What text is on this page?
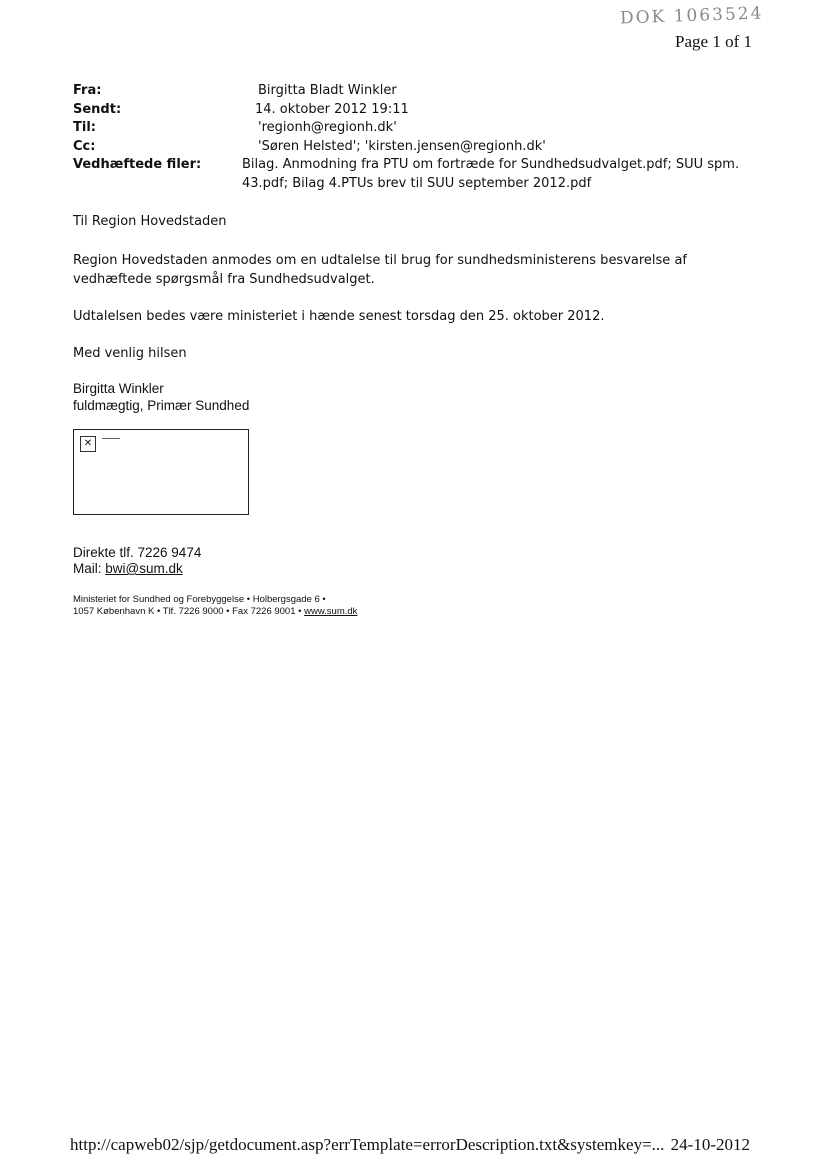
DOK 1063524
Page 1 of 1
Fra:	Birgitta Bladt Winkler
Sendt:	14. oktober 2012 19:11
Til:	'regionh@regionh.dk'
Cc:	'Søren Helsted'; 'kirsten.jensen@regionh.dk'
Vedhæftede filer:	Bilag. Anmodning fra PTU om fortræde for Sundhedsudvalget.pdf; SUU spm.
43.pdf; Bilag 4.PTUs brev til SUU september 2012.pdf
Til Region Hovedstaden
Region Hovedstaden anmodes om en udtalelse til brug for sundhedsministerens besvarelse af vedhæftede spørgsmål fra Sundhedsudvalget.
Udtalelsen bedes være ministeriet i hænde senest torsdag den 25. oktober 2012.
Med venlig hilsen
Birgitta Winkler
fuldmægtig, Primær Sundhed
✕
Direkte tlf. 7226 9474
Mail: bwi@sum.dk
Ministeriet for Sundhed og Forebyggelse • Holbergsgade 6 •
1057 København K • Tlf. 7226 9000 • Fax 7226 9001 • www.sum.dk
http://capweb02/sjp/getdocument.asp?errTemplate=errorDescription.txt&systemkey=... 24-10-2012
